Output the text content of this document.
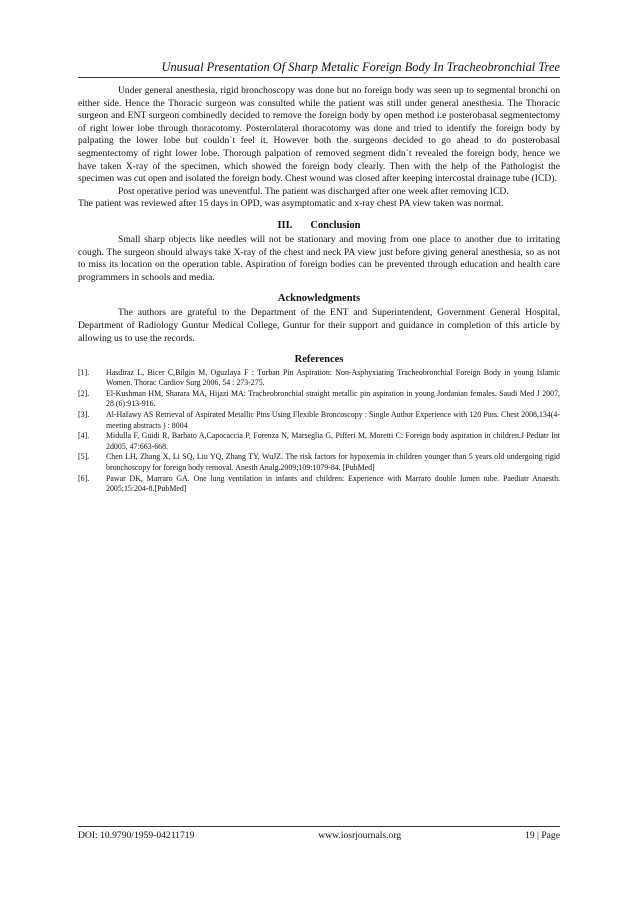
Unusual Presentation Of Sharp Metalic Foreign Body In Tracheobronchial Tree

Under general anesthesia, rigid bronchoscopy was done but no foreign body was seen up to segmental bronchi on either side. Hence the Thoracic surgeon was consulted while the patient was still under general anesthesia. The Thoracic surgeon and ENT surgeon combinedly decided to remove the foreign body by open method i.e posterobasal segmentectomy of right lower lobe through thoracotomy. Posterolateral thoracotomy was done and tried to identify the foreign body by palpating the lower lobe but couldn`t feel it. However both the surgeons decided to go ahead to do posterobasal segmentectomy of right lower lobe. Thorough palpation of removed segment didn`t revealed the foreign body, hence we have taken X-ray of the specimen, which showed the foreign body clearly. Then with the help of the Pathologist the specimen was cut open and isolated the foreign body. Chest wound was closed after keeping intercostal drainage tube (ICD).

Post operative period was uneventful. The patient was discharged after one week after removing ICD.

The patient was reviewed after 15 days in OPD, was asymptomatic and x-ray chest PA view taken was normal.

III. Conclusion

Small sharp objects like needles will not be stationary and moving from one place to another due to irritating cough. The surgeon should always take X-ray of the chest and neck PA view just before giving general anesthesia, so as not to miss its location on the operation table. Aspiration of foreign bodies can be prevented through education and health care programmers in schools and media.

Acknowledgments

The authors are grateful to the Department of the ENT and Superintendent, Government General Hospital, Department of Radiology Guntur Medical College, Guntur for their support and guidance in completion of this article by allowing us to use the records.

References
[1].	Hasdiraz L, Bicer C,Bilgin M, Oguzlaya F : Turban Pin Aspiration: Non-Asphyxiating Tracheobronchial Foreign Body in young Islamic Women. Thorac Cardiov Surg 2006, 54 : 273-275.
[2].	El-Kushman HM, Sharara MA, Hijazi MA: Tracheobronchial straight metallic pin aspiration in young Jordanian females. Saudi Med J 2007, 28 (6):913-916.
[3].	Al-Hafawy AS Retrieval of Aspirated Metallic Pins Using Flexible Broncoscopy : Single Author Experience with 120 Pins. Chest 2008,134(4-meeting abstracts ) : 8004
[4].	Midulla F, Guidi R, Barbato A,Capocaccia P, Forenza N, Marseglia G, Pifferi M, Moretti C: Foreign body aspiration in children.J Pediatr Int 2d005, 47:663-668.
[5].	Chen LH, Zhang X, Li SQ, Liu YQ, Zhang TY, WuJZ. The risk factors for hypoxemia in children younger than 5 years old undergoing rigid bronchoscopy for foreign body removal. Anesth Analg.2009;109:1079-84. [PubMed]
[6].	Pawar DK, Marraro GA. One lung ventilation in infants and children: Experience with Marraro double lumen tube. Paediatr Anaesth. 2005;15:204-8.[PubMed]
DOI: 10.9790/1959-04211719	www.iosrjournals.org	19 | Page
